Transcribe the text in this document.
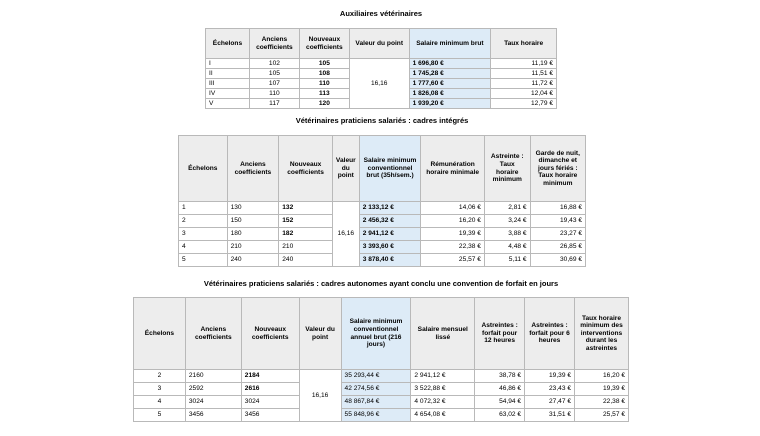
Auxiliaires vétérinaires
Échelons	Anciens coefficients	Nouveaux coefficients	Valeur du point	Salaire minimum brut	Taux horaire
I	102	105	16,16	1 696,80 €	11,19 €
II	105	108		1 745,28 €	11,51 €
III	107	110		1 777,60 €	11,72 €
IV	110	113		1 826,08 €	12,04 €
V	117	120		1 939,20 €	12,79 €
Vétérinaires praticiens salariés : cadres intégrés
Échelons	Anciens coefficients	Nouveaux coefficients	Valeur du point	Salaire minimum conventionnel brut (35h/sem.)	Rémunération horaire minimale	Astreinte : Taux horaire minimum	Garde de nuit, dimanche et jours fériés : Taux horaire minimum
1	130	132	16,16	2 133,12 €	14,06 €	2,81 €	16,88 €
2	150	152		2 456,32 €	16,20 €	3,24 €	19,43 €
3	180	182		2 941,12 €	19,39 €	3,88 €	23,27 €
4	210	210		3 393,60 €	22,38 €	4,48 €	26,85 €
5	240	240		3 878,40 €	25,57 €	5,11 €	30,69 €
Vétérinaires praticiens salariés : cadres autonomes ayant conclu une convention de forfait en jours
Échelons	Anciens coefficients	Nouveaux coefficients	Valeur du point	Salaire minimum conventionnel annuel brut (216 jours)	Salaire mensuel lissé	Astreintes : forfait pour 12 heures	Astreintes : forfait pour 6 heures	Taux horaire minimum des interventions durant les astreintes
2	2160	2184	16,16	35 293,44 €	2 941,12 €	38,78 €	19,39 €	16,20 €
3	2592	2616		42 274,56 €	3 522,88 €	46,86 €	23,43 €	19,39 €
4	3024	3024		48 867,84 €	4 072,32 €	54,94 €	27,47 €	22,38 €
5	3456	3456		55 848,96 €	4 654,08 €	63,02 €	31,51 €	25,57 €
